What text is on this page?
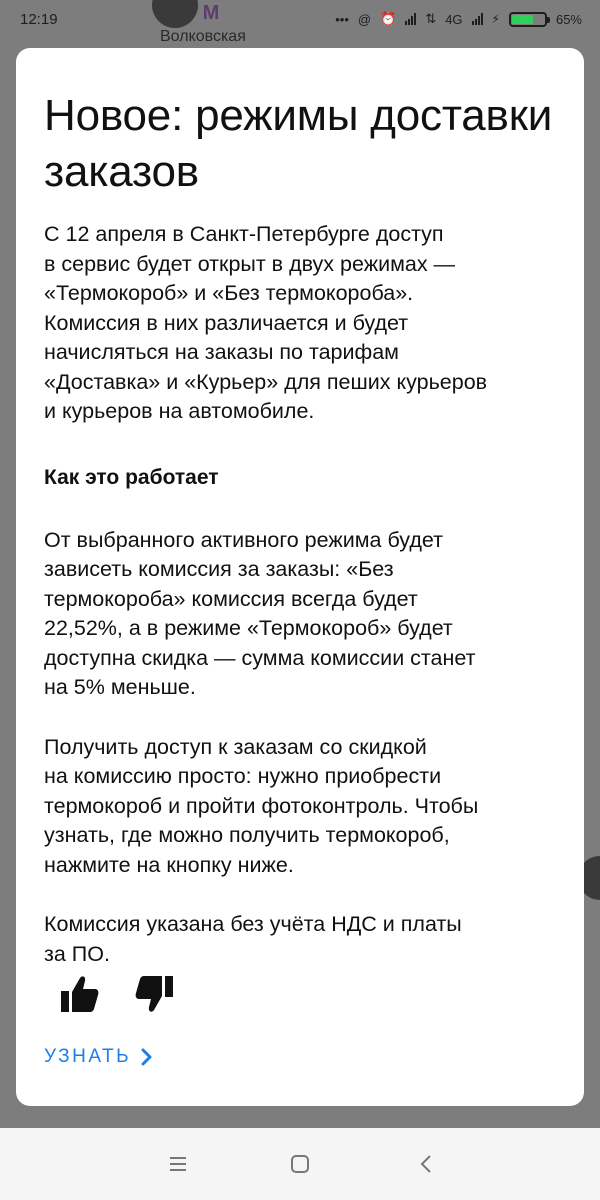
M
Волковская
12:19	••• @ ⏰ ⇅ 4G ⚡	65%
Новое: режимы доставки заказов

С 12 апреля в Санкт-Петербурге доступ
в сервис будет открыт в двух режимах —
«Термокороб» и «Без термокороба».
Комиссия в них различается и будет
начисляться на заказы по тарифам
«Доставка» и «Курьер» для пеших курьеров
и курьеров на автомобиле.

Как это работает

От выбранного активного режима будет
зависеть комиссия за заказы: «Без
термокороба» комиссия всегда будет
22,52%, а в режиме «Термокороб» будет
доступна скидка — сумма комиссии станет
на 5% меньше.

Получить доступ к заказам со скидкой
на комиссию просто: нужно приобрести
термокороб и пройти фотоконтроль. Чтобы
узнать, где можно получить термокороб,
нажмите на кнопку ниже.

Комиссия указана без учёта НДС и платы
за ПО.

УЗНАТЬ
